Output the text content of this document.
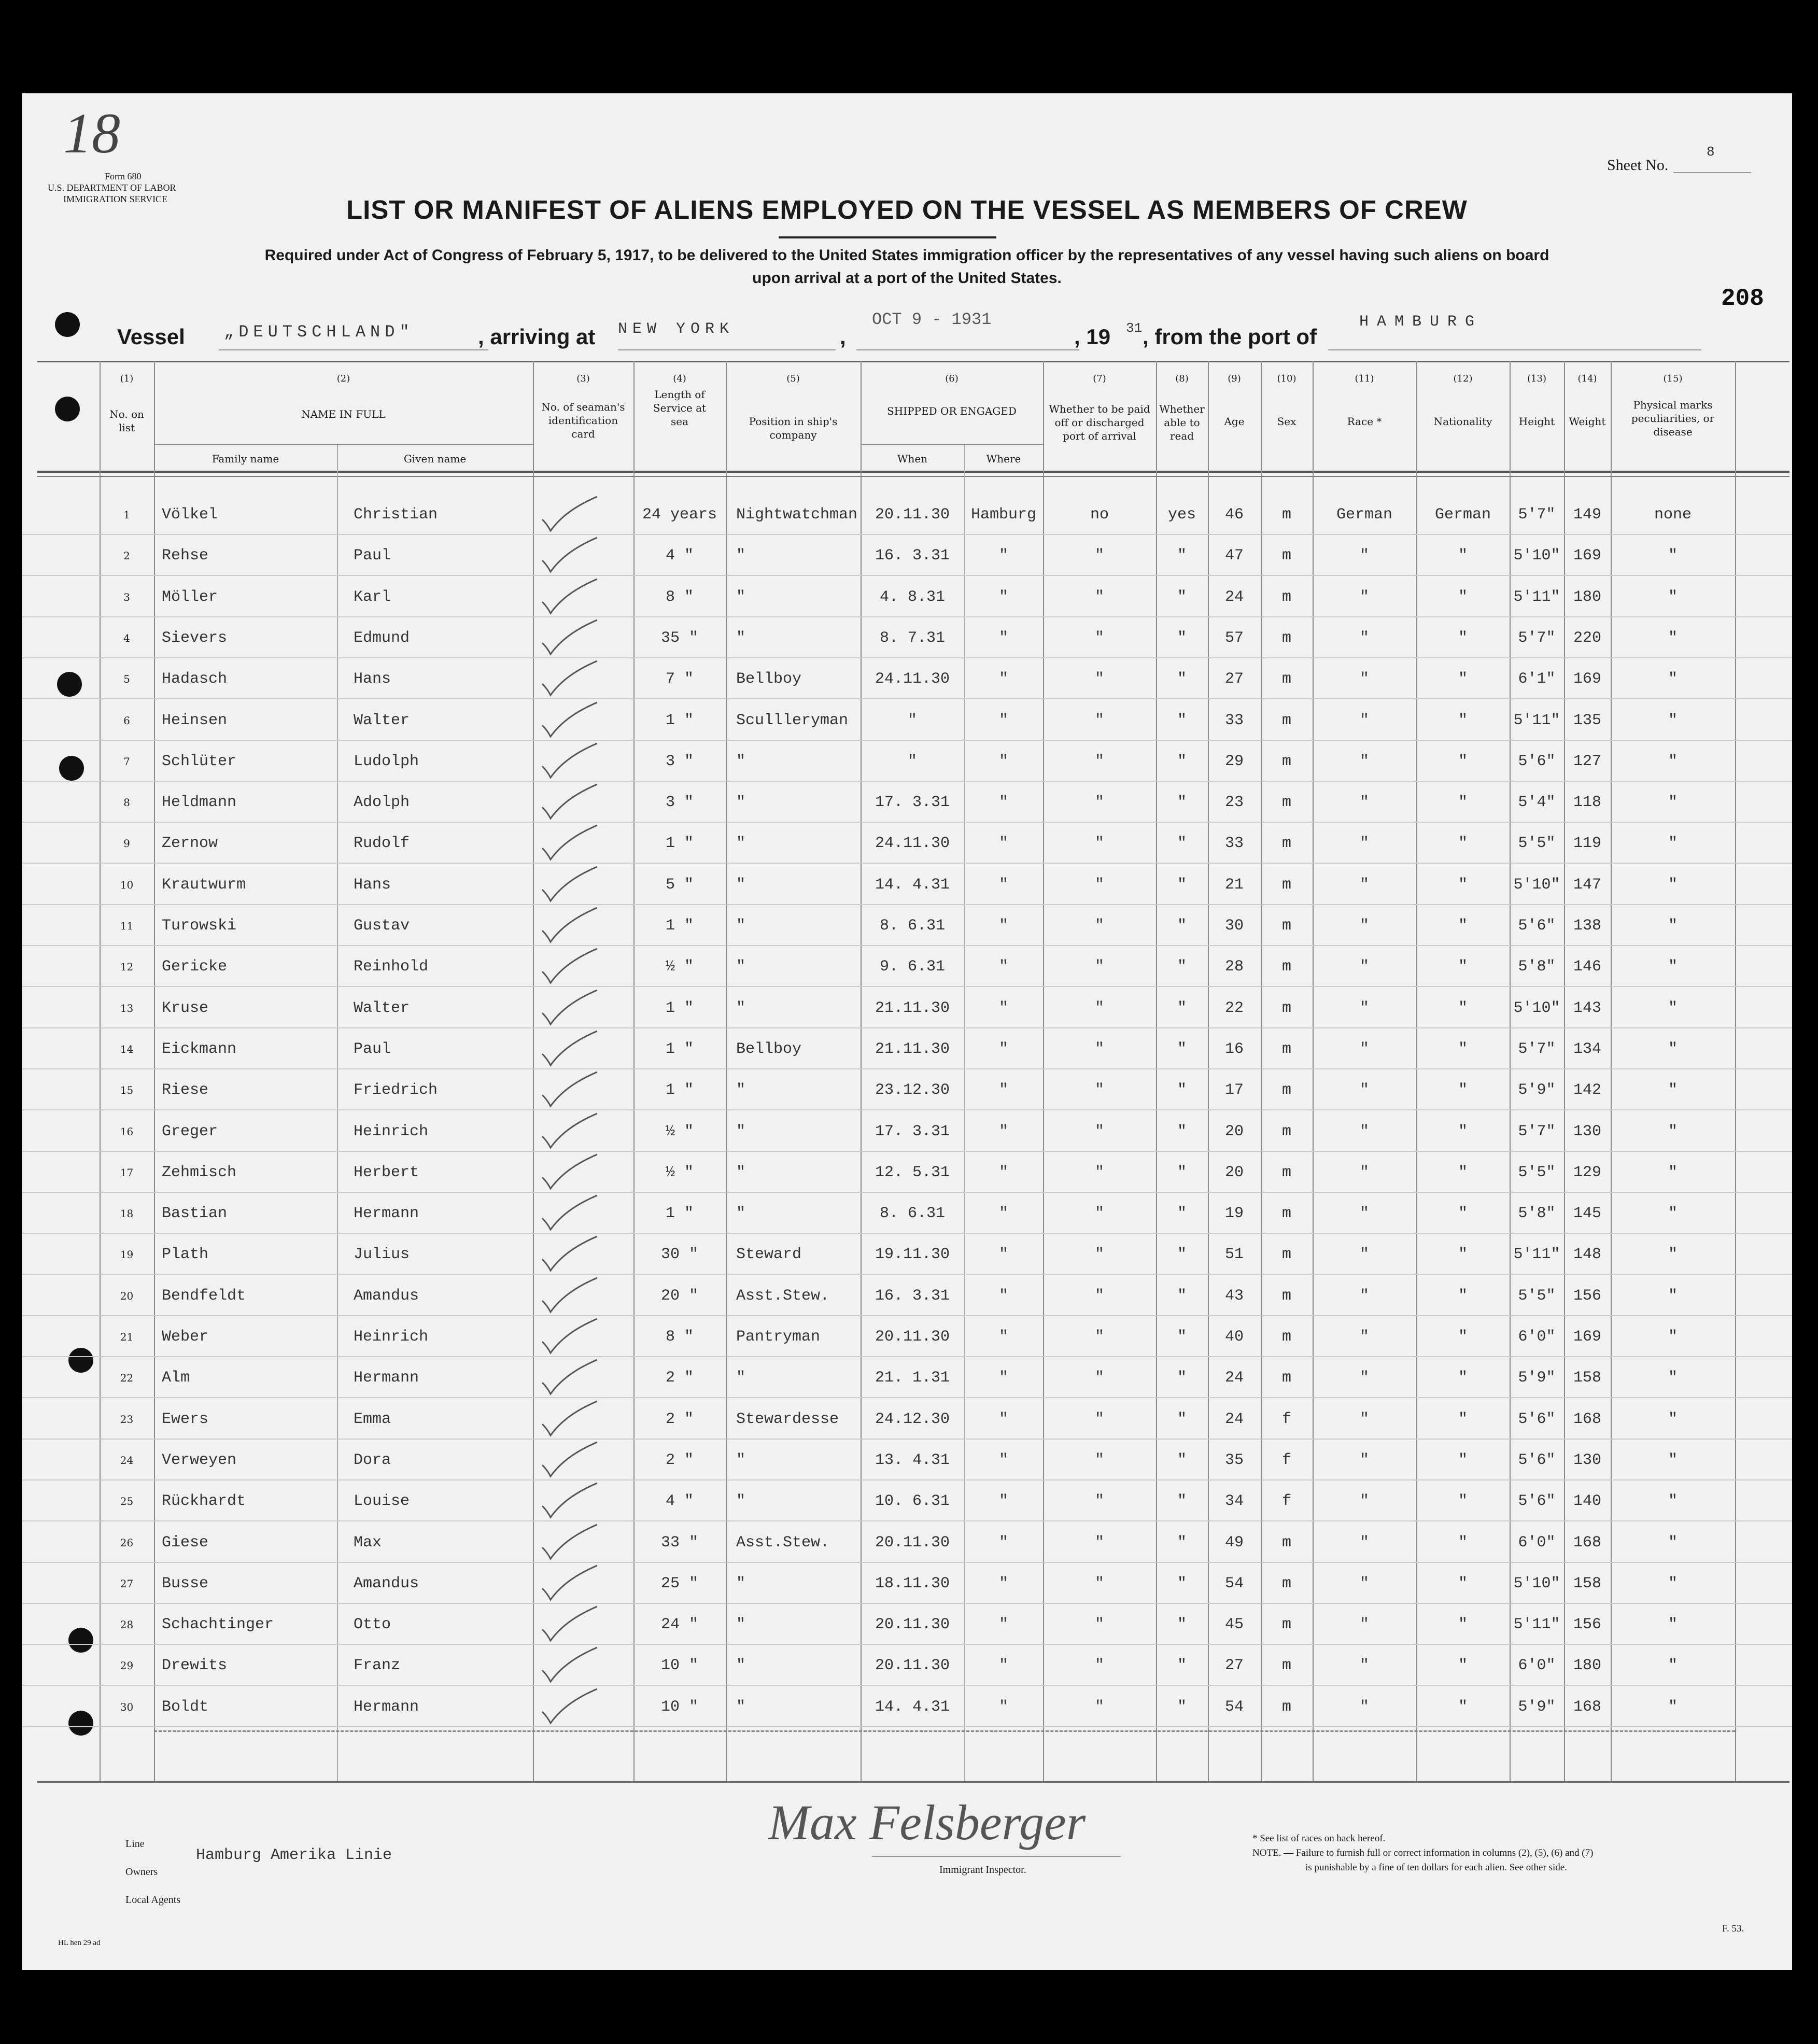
18
Form 680
U.S. DEPARTMENT OF LABOR
IMMIGRATION SERVICE
Sheet No.
8
208
LIST OR MANIFEST OF ALIENS EMPLOYED ON THE VESSEL AS MEMBERS OF CREW
Required under Act of Congress of February 5, 1917, to be delivered to the United States immigration officer by the representatives of any vessel having such aliens on board
upon arrival at a port of the United States.
Vessel „DEUTSCHLAND"	, arriving at NEW YORK	,
OCT 9 - 1931
, 19 31 , from the port of
HAMBURG
(1)
No. on list
(2)
NAME IN FULL
Family name	Given name
(3)
No. of seaman's identification card
(4)
Length of Service at sea
(5)
Position in ship's company
(6)
SHIPPED OR ENGAGED
When	Where
(7)
Whether to be paid off or discharged port of arrival
(8)
Whether able to read
(9)
Age
(10)
Sex
(11)
Race *
(12)
Nationality
(13)
Height
(14)
Weight
(15)
Physical marks peculiarities, or disease
1	Völkel	Christian	24 years	Nightwatchman	20.11.30	Hamburg	no	yes	46	m	German	German	5'7"	149	none
2	Rehse	Paul	4 "	"	16. 3.31	"	"	"	47	m	"	"	5'10" 169	"
3	Möller	Karl	8 "	"	4. 8.31	"	"	"	24	m	"	"	5'11" 180	"
4	Sievers	Edmund	35 "	"	8. 7.31	"	"	"	57	m	"	"	5'7"	220	"
5	Hadasch	Hans	7 "	Bellboy	24.11.30	"	"	"	27	m	"	"	6'1"	169	"
6	Heinsen	Walter	1 "	Scullleryman	"	"	"	"	33	m	"	"	5'11" 135	"
7	Schlüter	Ludolph	3 "	"	"	"	"	"	29	m	"	"	5'6"	127	"
8	Heldmann	Adolph	3 "	"	17. 3.31	"	"	"	23	m	"	"	5'4"	118	"
9	Zernow	Rudolf	1 "	"	24.11.30	"	"	"	33	m	"	"	5'5"	119	"
10	Krautwurm	Hans	5 "	"	14. 4.31	"	"	"	21	m	"	"	5'10" 147	"
11	Turowski	Gustav	1 "	"	8. 6.31	"	"	"	30	m	"	"	5'6"	138	"
12	Gericke	Reinhold	½ "	"	9. 6.31	"	"	"	28	m	"	"	5'8"	146	"
13	Kruse	Walter	1 "	"	21.11.30	"	"	"	22	m	"	"	5'10" 143	"
14	Eickmann	Paul	1 "	Bellboy	21.11.30	"	"	"	16	m	"	"	5'7"	134	"
15	Riese	Friedrich	1 "	"	23.12.30	"	"	"	17	m	"	"	5'9"	142	"
16	Greger	Heinrich	½ "	"	17. 3.31	"	"	"	20	m	"	"	5'7"	130	"
17	Zehmisch	Herbert	½ "	"	12. 5.31	"	"	"	20	m	"	"	5'5"	129	"
18	Bastian	Hermann	1 "	"	8. 6.31	"	"	"	19	m	"	"	5'8"	145	"
19	Plath	Julius	30 "	Steward	19.11.30	"	"	"	51	m	"	"	5'11" 148	"
20	Bendfeldt	Amandus	20 "	Asst.Stew.	16. 3.31	"	"	"	43	m	"	"	5'5"	156	"
21	Weber	Heinrich	8 "	Pantryman	20.11.30	"	"	"	40	m	"	"	6'0"	169	"
22	Alm	Hermann	2 "	"	21. 1.31	"	"	"	24	m	"	"	5'9"	158	"
23	Ewers	Emma	2 "	Stewardesse	24.12.30	"	"	"	24	f	"	"	5'6"	168	"
24	Verweyen	Dora	2 "	"	13. 4.31	"	"	"	35	f	"	"	5'6"	130	"
25	Rückhardt	Louise	4 "	"	10. 6.31	"	"	"	34	f	"	"	5'6"	140	"
26	Giese	Max	33 "	Asst.Stew.	20.11.30	"	"	"	49	m	"	"	6'0"	168	"
27	Busse	Amandus	25 "	"	18.11.30	"	"	"	54	m	"	"	5'10" 158	"
28	Schachtinger	Otto	24 "	"	20.11.30	"	"	"	45	m	"	"	5'11" 156	"
29	Drewits	Franz	10 "	"	20.11.30	"	"	"	27	m	"	"	6'0"	180	"
30	Boldt	Hermann	10 "	"	14. 4.31	"	"	"	54	m	"	"	5'9"	168	"
Line
Owners
Local Agents
Hamburg Amerika Linie
Max Felsberger
Immigrant Inspector.
* See list of races on back hereof.
NOTE. — Failure to furnish full or correct information in columns (2), (5), (6) and (7)
is punishable by a fine of ten dollars for each alien. See other side.
HL hen 29 ad
F. 53.
